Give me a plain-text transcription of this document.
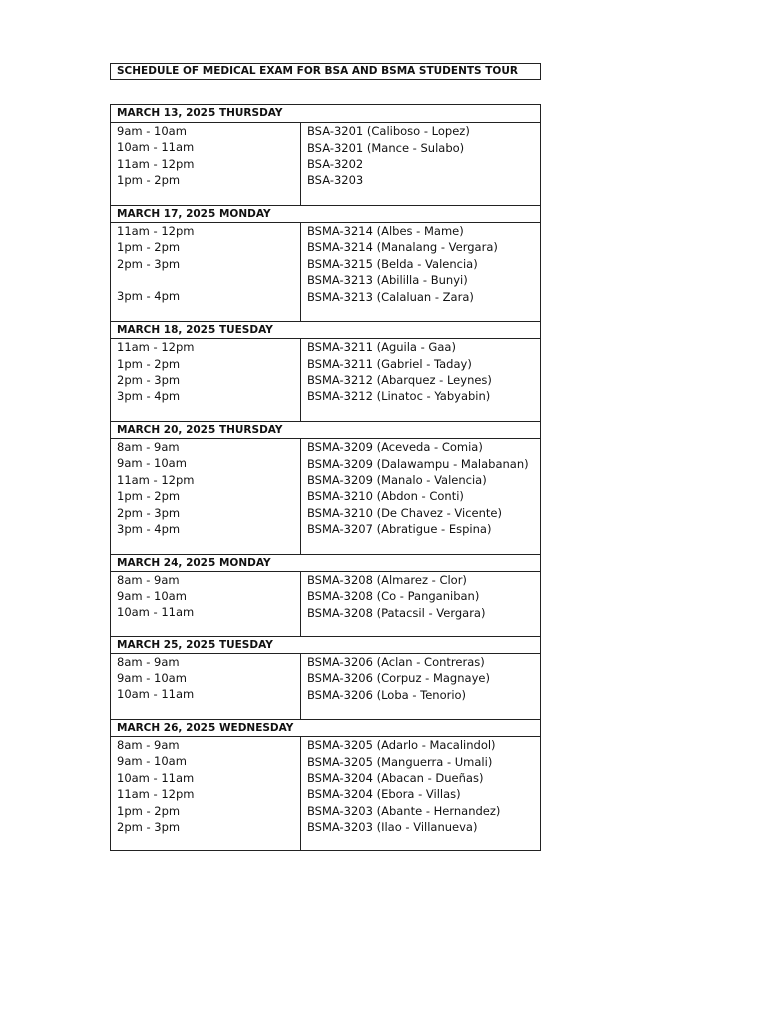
SCHEDULE OF MEDICAL EXAM FOR BSA AND BSMA STUDENTS TOUR
MARCH 13, 2025 THURSDAY
9am - 10am
10am - 11am
11am - 12pm
1pm - 2pm
BSA-3201 (Caliboso - Lopez)
BSA-3201 (Mance - Sulabo)
BSA-3202
BSA-3203
MARCH 17, 2025 MONDAY
11am - 12pm
1pm - 2pm
2pm - 3pm
3pm - 4pm
BSMA-3214 (Albes - Mame)
BSMA-3214 (Manalang - Vergara)
BSMA-3215 (Belda - Valencia)
BSMA-3213 (Abililla - Bunyi)
BSMA-3213 (Calaluan - Zara)
MARCH 18, 2025 TUESDAY
11am - 12pm
1pm - 2pm
2pm - 3pm
3pm - 4pm
BSMA-3211 (Aguila - Gaa)
BSMA-3211 (Gabriel - Taday)
BSMA-3212 (Abarquez - Leynes)
BSMA-3212 (Linatoc - Yabyabin)
MARCH 20, 2025 THURSDAY
8am - 9am
9am - 10am
11am - 12pm
1pm - 2pm
2pm - 3pm
3pm - 4pm
BSMA-3209 (Aceveda - Comia)
BSMA-3209 (Dalawampu - Malabanan)
BSMA-3209 (Manalo - Valencia)
BSMA-3210 (Abdon - Conti)
BSMA-3210 (De Chavez - Vicente)
BSMA-3207 (Abratigue - Espina)
MARCH 24, 2025 MONDAY
8am - 9am
9am - 10am
10am - 11am
BSMA-3208 (Almarez - Clor)
BSMA-3208 (Co - Panganiban)
BSMA-3208 (Patacsil - Vergara)
MARCH 25, 2025 TUESDAY
8am - 9am
9am - 10am
10am - 11am
BSMA-3206 (Aclan - Contreras)
BSMA-3206 (Corpuz - Magnaye)
BSMA-3206 (Loba - Tenorio)
MARCH 26, 2025 WEDNESDAY
8am - 9am
9am - 10am
10am - 11am
11am - 12pm
1pm - 2pm
2pm - 3pm
BSMA-3205 (Adarlo - Macalindol)
BSMA-3205 (Manguerra - Umali)
BSMA-3204 (Abacan - Dueñas)
BSMA-3204 (Ebora - Villas)
BSMA-3203 (Abante - Hernandez)
BSMA-3203 (Ilao - Villanueva)
